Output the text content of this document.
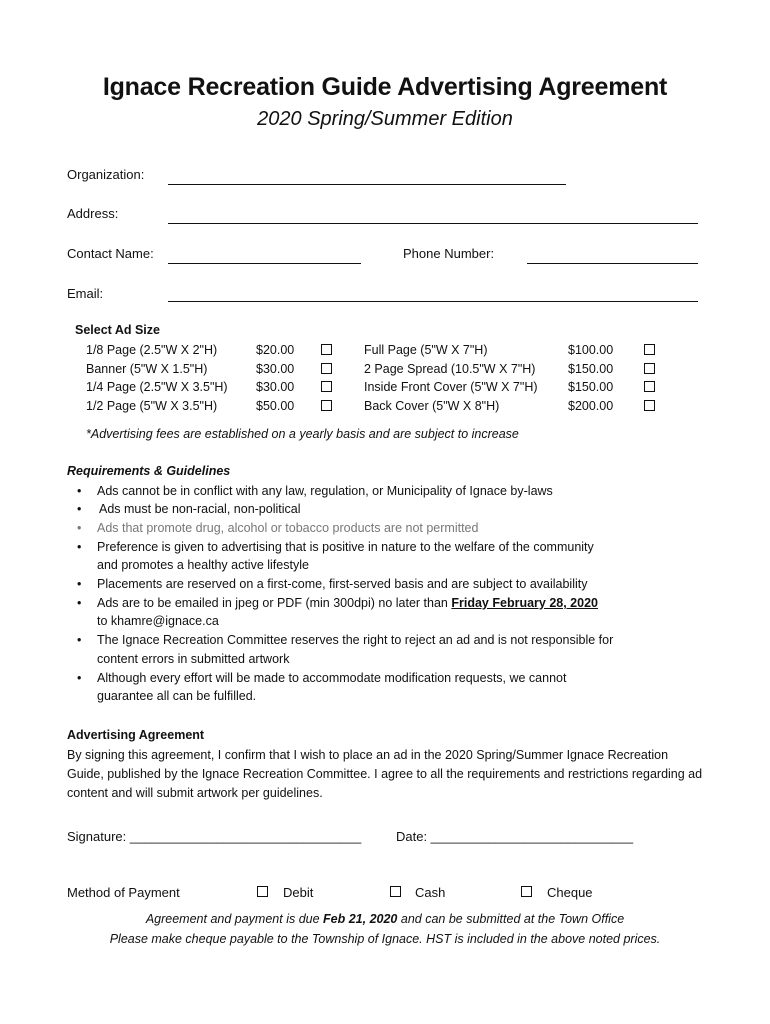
Ignace Recreation Guide Advertising Agreement
2020 Spring/Summer Edition
Organization:
Address:
Contact Name:	Phone Number:
Email:
Select Ad Size
1/8 Page (2.5"W X 2"H)	$20.00
Banner (5"W X 1.5"H)	$30.00
1/4 Page (2.5"W X 3.5"H) $30.00
1/2 Page (5"W X 3.5"H)	$50.00
Full Page (5"W X 7"H)	$100.00
2 Page Spread (10.5"W X 7"H)	$150.00
Inside Front Cover (5"W X 7"H) $150.00
Back Cover (5"W X 8"H)	$200.00
*Advertising fees are established on a yearly basis and are subject to increase
Requirements & Guidelines
• Ads cannot be in conflict with any law, regulation, or Municipality of Ignace by-laws
• Ads must be non-racial, non-political
• Ads that promote drug, alcohol or tobacco products are not permitted
• Preference is given to advertising that is positive in nature to the welfare of the community
and promotes a healthy active lifestyle
• Placements are reserved on a first-come, first-served basis and are subject to availability
• Ads are to be emailed in jpeg or PDF (min 300dpi) no later than Friday February 28, 2020
to khamre@ignace.ca
• The Ignace Recreation Committee reserves the right to reject an ad and is not responsible for
content errors in submitted artwork
• Although every effort will be made to accommodate modification requests, we cannot
guarantee all can be fulfilled.
Advertising Agreement
By signing this agreement, I confirm that I wish to place an ad in the 2020 Spring/Summer Ignace Recreation Guide, published by the Ignace Recreation Committee. I agree to all the requirements and restrictions regarding ad content and will submit artwork per guidelines.
Signature: ________________________________	Date: ____________________________
Method of Payment	Debit	Cash	Cheque
Agreement and payment is due Feb 21, 2020 and can be submitted at the Town Office
Please make cheque payable to the Township of Ignace. HST is included in the above noted prices.
